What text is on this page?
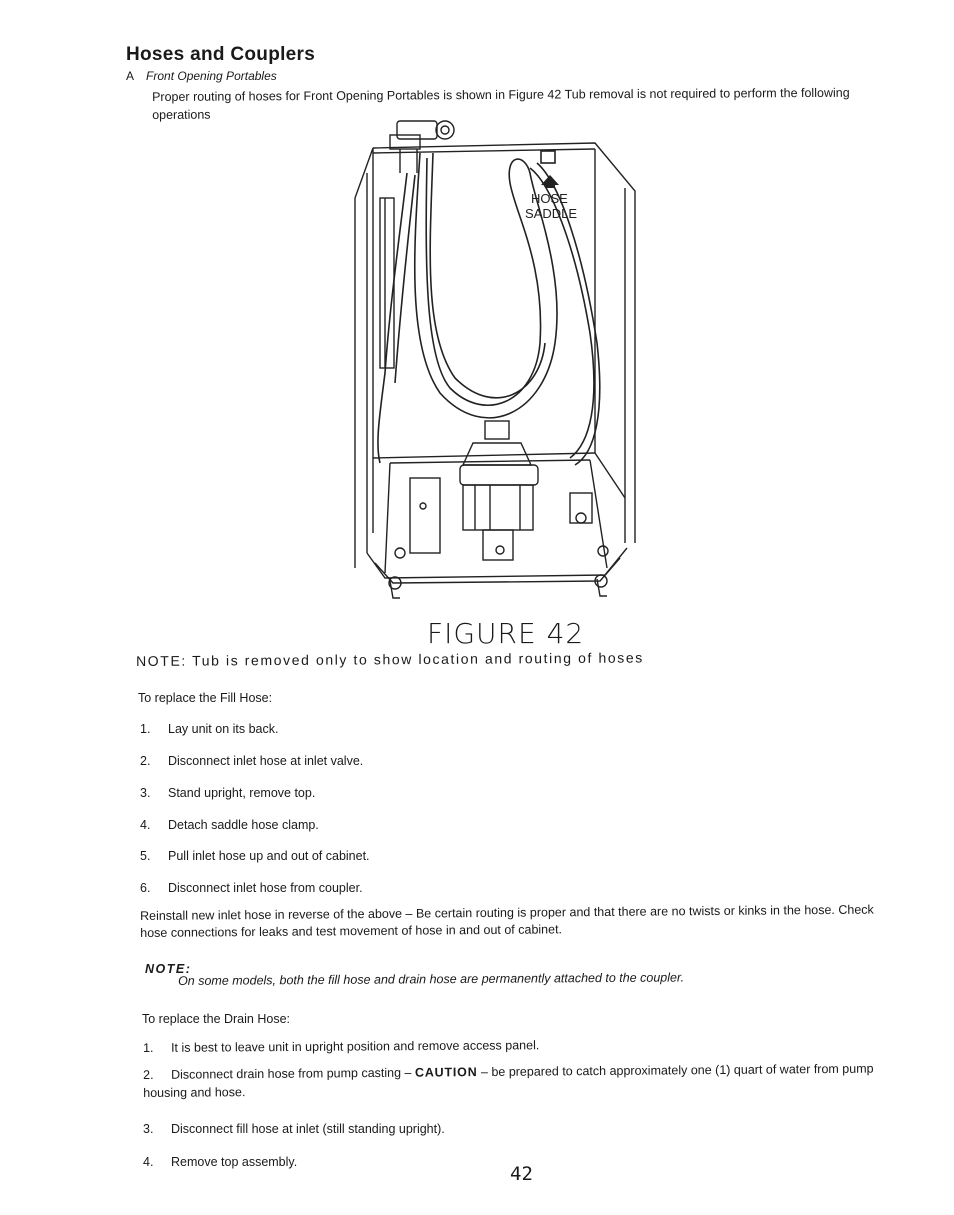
Hoses and Couplers
A Front Opening Portables
Proper routing of hoses for Front Opening Portables is shown in Figure 42 Tub removal is not required to perform the following operations
HOSE
SADDLE
FIGURE 42
NOTE: Tub is removed only to show location and routing of hoses
To replace the Fill Hose:
1. Lay unit on its back.
2. Disconnect inlet hose at inlet valve.
3. Stand upright, remove top.
4. Detach saddle hose clamp.
5. Pull inlet hose up and out of cabinet.
6. Disconnect inlet hose from coupler.
Reinstall new inlet hose in reverse of the above – Be certain routing is proper and that there are no twists or kinks in the hose. Check hose connections for leaks and test movement of hose in and out of cabinet.
NOTE:
On some models, both the fill hose and drain hose are permanently attached to the coupler.
To replace the Drain Hose:
1. It is best to leave unit in upright position and remove access panel.
2. Disconnect drain hose from pump casting – CAUTION – be prepared to catch approximately one (1) quart of water from pump housing and hose.
3. Disconnect fill hose at inlet (still standing upright).
4. Remove top assembly.
42
